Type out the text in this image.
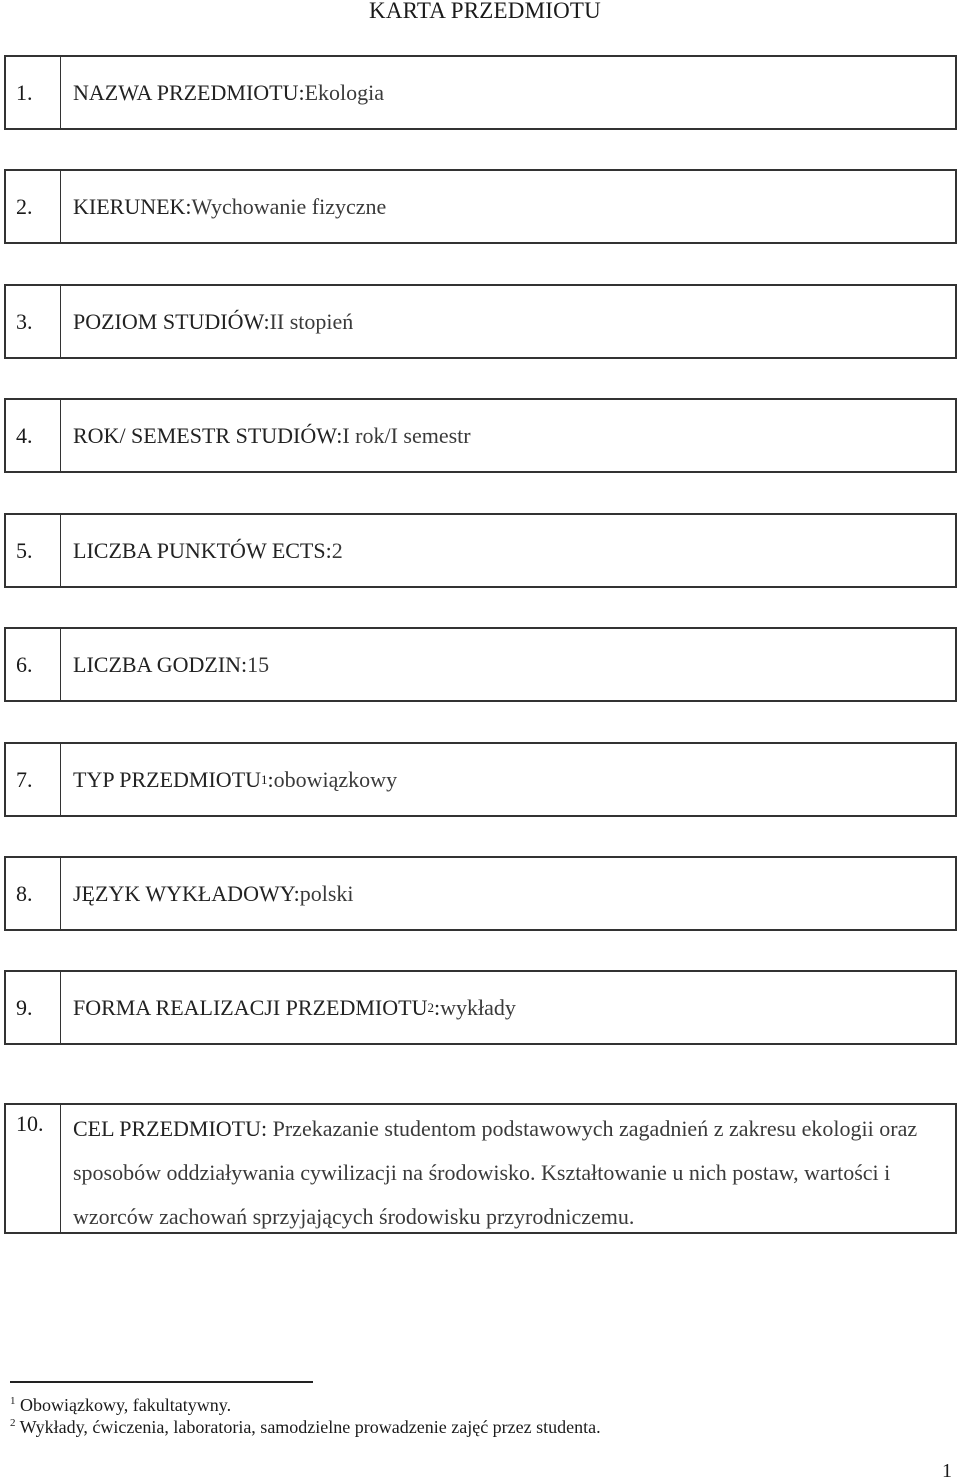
KARTA PRZEDMIOTU
1.	NAZWA PRZEDMIOTU: Ekologia
2.	KIERUNEK: Wychowanie fizyczne
3.	POZIOM STUDIÓW: II stopień
4.	ROK/ SEMESTR STUDIÓW: I rok/I semestr
5.	LICZBA PUNKTÓW ECTS: 2
6.	LICZBA GODZIN: 15
7.	TYP PRZEDMIOTU 1 : obowiązkowy
8.	JĘZYK WYKŁADOWY: polski
9.	FORMA REALIZACJI PRZEDMIOTU 2 : wykłady
10.	CEL PRZEDMIOTU: Przekazanie studentom podstawowych zagadnień z zakresu ekologii oraz sposobów oddziaływania cywilizacji na środowisko. Kształtowanie u nich postaw, wartości i wzorców zachowań sprzyjających środowisku przyrodniczemu.
$^1$ Obowiązkowy, fakultatywny.
$^2$ Wykłady, ćwiczenia, laboratoria, samodzielne prowadzenie zajęć przez studenta.
1
